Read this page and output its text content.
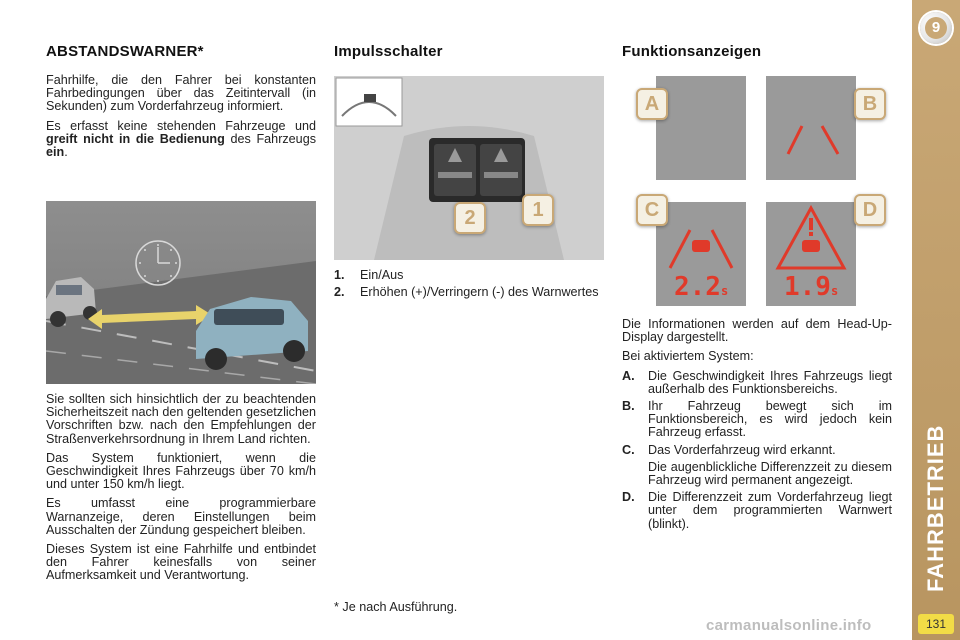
ABSTANDSWARNER*

Fahrhilfe, die den Fahrer bei konstanten Fahrbedingungen über das Zeitintervall (in Sekunden) zum Vorderfahrzeug informiert.

Es erfasst keine stehenden Fahrzeuge und greift nicht in die Bedienung des Fahrzeugs ein.

Sie sollten sich hinsichtlich der zu beachtenden Sicherheitszeit nach den geltenden gesetzlichen Vorschriften bzw. nach den Empfehlungen der Straßenverkehrsordnung in Ihrem Land richten.

Das System funktioniert, wenn die Geschwindigkeit Ihres Fahrzeugs über 70 km/h und unter 150 km/h liegt.

Es umfasst eine programmierbare Warnanzeige, deren Einstellungen beim Ausschalten der Zündung gespeichert bleiben.

Dieses System ist eine Fahrhilfe und entbindet den Fahrer keinesfalls von seiner Aufmerksamkeit und Verantwortung.

Impulsschalter
2	1
1.	Ein/Aus
2.	Erhöhen (+)/Verringern (-) des Warnwertes

* Je nach Ausführung.

Funktionsanzeigen
2.2s 1.9s
A	B
C	D

Die Informationen werden auf dem Head-Up-Display dargestellt.

Bei aktiviertem System:

A.	Die Geschwindigkeit Ihres Fahrzeugs liegt außerhalb des Funktionsbereichs.
B.	Ihr Fahrzeug bewegt sich im Funktionsbereich, es wird jedoch kein Fahrzeug erfasst.
C.	Das Vorderfahrzeug wird erkannt.
Die augenblickliche Differenzzeit zu diesem Fahrzeug wird permanent angezeigt.
D.	Die Differenzzeit zum Vorderfahrzeug liegt unter dem programmierten Warnwert (blinkt).
9
FAHRBETRIEB
131
carmanualsonline.info
